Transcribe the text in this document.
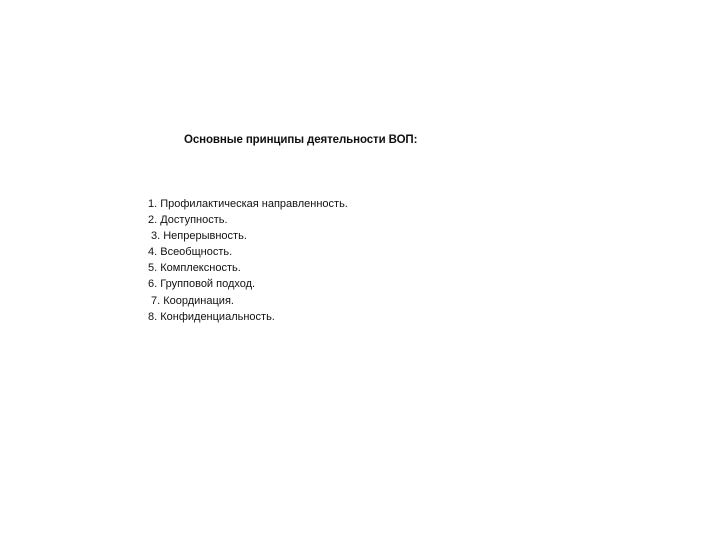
Основные принципы деятельности ВОП:
1. Профилактическая направленность.
2. Доступность.
3. Непрерывность.
4. Всеобщность.
5. Комплексность.
6. Групповой подход.
7. Координация.
8. Конфиденциальность.
